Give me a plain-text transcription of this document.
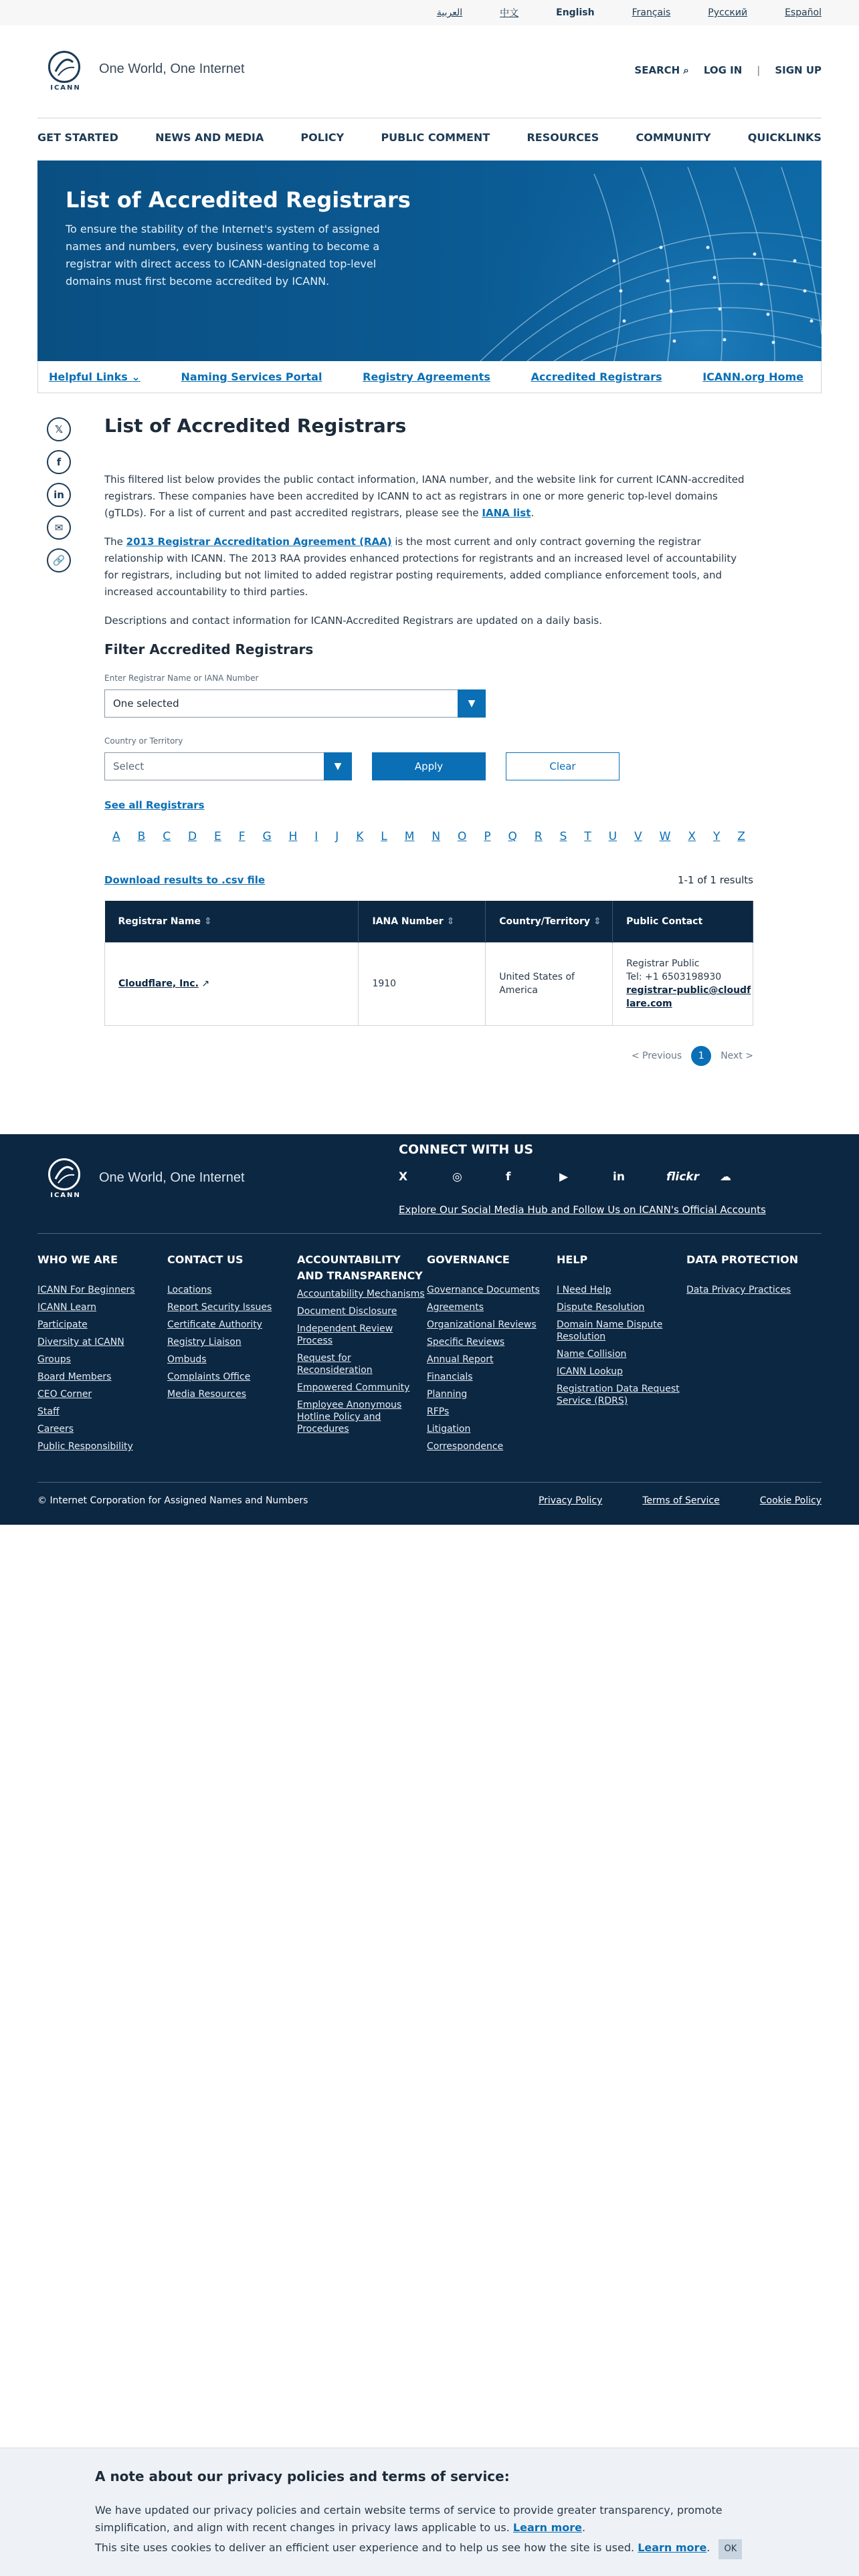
العربية	中文	English	Français	Русский	Español
ICANN
One World, One Internet	SEARCH ⌕ LOG IN | SIGN UP
GET STARTED	NEWS AND MEDIA	POLICY	PUBLIC COMMENT	RESOURCES	COMMUNITY	QUICKLINKS
List of Accredited Registrars

To ensure the stability of the Internet's system of assigned names and numbers, every business wanting to become a registrar with direct access to ICANN-designated top-level domains must first become accredited by ICANN.

Helpful Links ⌄	Naming Services Portal	Registry Agreements	Accredited Registrars	ICANN.org Home
𝕏
f
in
✉
🔗
List of Accredited Registrars

This filtered list below provides the public contact information, IANA number, and the website link for current ICANN-accredited registrars. These companies have been accredited by ICANN to act as registrars in one or more generic top-level domains (gTLDs). For a list of current and past accredited registrars, please see the IANA list.

The 2013 Registrar Accreditation Agreement (RAA) is the most current and only contract governing the registrar relationship with ICANN. The 2013 RAA provides enhanced protections for registrants and an increased level of accountability for registrars, including but not limited to added registrar posting requirements, added compliance enforcement tools, and increased accountability to third parties.

Descriptions and contact information for ICANN-Accredited Registrars are updated on a daily basis.

Filter Accredited Registrars
Enter Registrar Name or IANA Number
One selected	▼
Country or Territory
Select	▼	Apply	Clear
See all Registrars
A B C D E F G H I J K L M N O P Q R S T U V W X Y Z
Download results to .csv file	1-1 of 1 results
Registrar Name ⇕	IANA Number ⇕	Country/Territory ⇕	Public Contact
Cloudflare, Inc. ↗	1910	United States of America	Registrar Public
Tel: +1 6503198930
registrar-public@cloudflare.com
< Previous	1	Next >
ICANN
One World, One Internet
CONNECT WITH US
X	◎	f	▶	in	flickr	☁
Explore Our Social Media Hub and Follow Us on ICANN's Official Accounts
WHO WE ARE
ICANN For Beginners
ICANN Learn
Participate
Diversity at ICANN
Groups
Board Members
CEO Corner
Staff
Careers
Public Responsibility
CONTACT US
Locations
Report Security Issues
Certificate Authority
Registry Liaison
Ombuds
Complaints Office
Media Resources
ACCOUNTABILITY AND TRANSPARENCY
Accountability Mechanisms
Document Disclosure
Independent Review Process
Request for Reconsideration
Empowered Community
Employee Anonymous Hotline Policy and Procedures
GOVERNANCE
Governance Documents
Agreements
Organizational Reviews
Specific Reviews
Annual Report
Financials
Planning
RFPs
Litigation
Correspondence
HELP
I Need Help
Dispute Resolution
Domain Name Dispute Resolution
Name Collision
ICANN Lookup
Registration Data Request Service (RDRS)
DATA PROTECTION
Data Privacy Practices
© Internet Corporation for Assigned Names and Numbers	Privacy Policy	Terms of Service	Cookie Policy
A note about our privacy policies and terms of service:

We have updated our privacy policies and certain website terms of service to provide greater transparency, promote simplification, and align with recent changes in privacy laws applicable to us. Learn more.

This site uses cookies to deliver an efficient user experience and to help us see how the site is used. Learn more. OK
